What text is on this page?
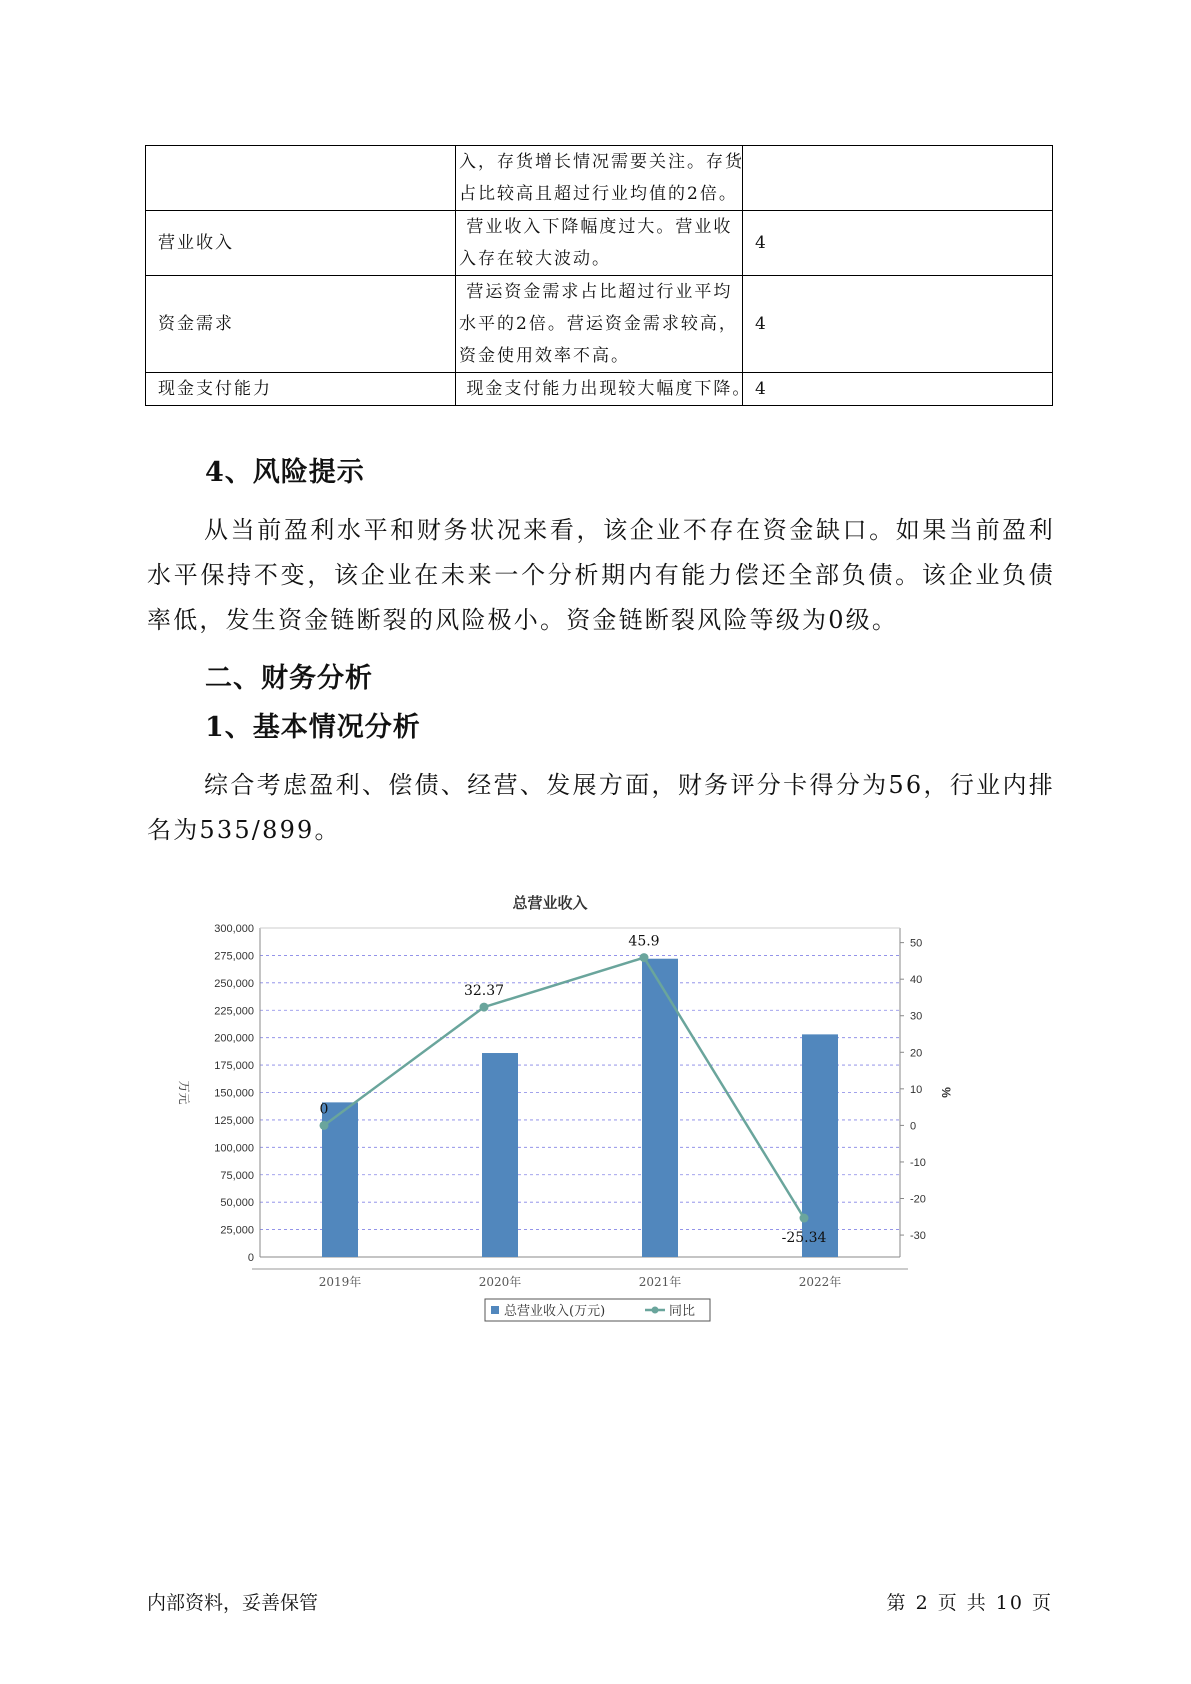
	入，存货增长情况需要关注。存货
占比较高且超过行业均值的2倍。	

营业收入	营业收入下降幅度过大。营业收
入存在较大波动。	4
资金需求	营运资金需求占比超过行业平均
水平的2倍。营运资金需求较高，
资金使用效率不高。	4
现金支付能力	现金支付能力出现较大幅度下降。	4
4、风险提示
从当前盈利水平和财务状况来看，该企业不存在资金缺口。如果当前盈利水平保持不变，该企业在未来一个分析期内有能力偿还全部负债。该企业负债率低，发生资金链断裂的风险极小。资金链断裂风险等级为0级。
二、财务分析
1、基本情况分析
综合考虑盈利、偿债、经营、发展方面，财务评分卡得分为56，行业内排名为535/899。
总营业收入
0
25,000
50,000
75,000
100,000
125,000
150,000
175,000
200,000
225,000
250,000
275,000
300,000
-30
-20
-10
0
10
20
30
40
50
万元	%
2019年	2020年	2021年	2022年
0
32.37
45.9
-25.34
总营业收入(万元)	同比
内部资料，妥善保管	第 2 页 共 10 页
